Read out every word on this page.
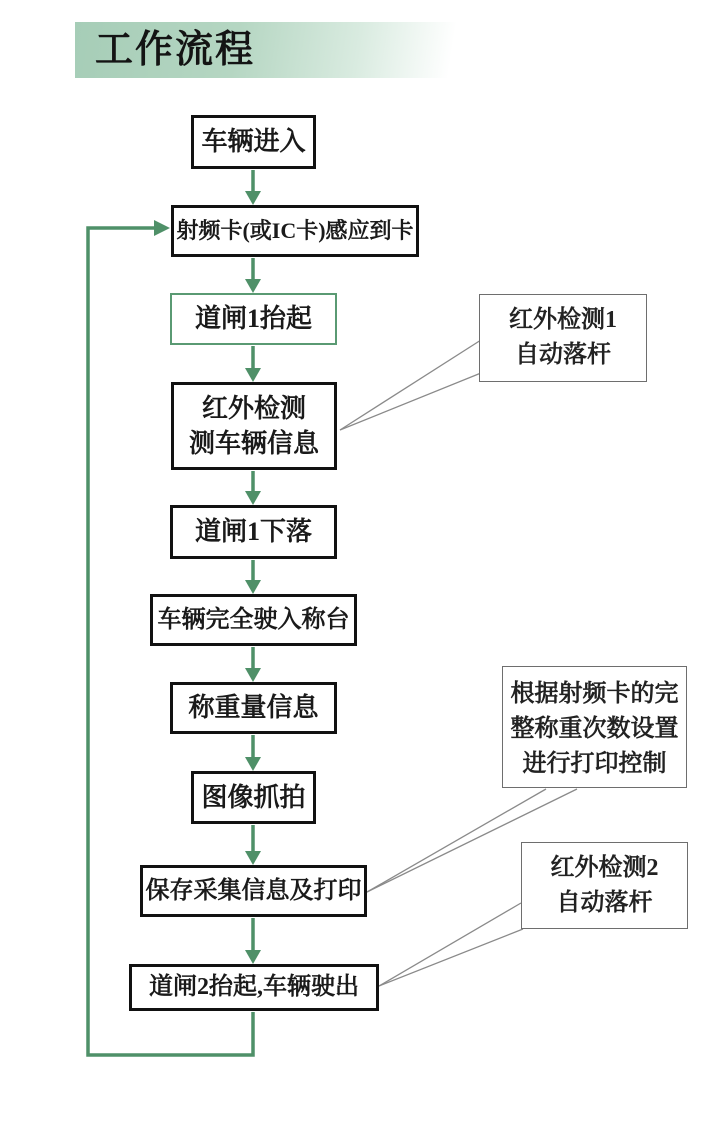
工作流程
车辆进入
射频卡(或IC卡)感应到卡
道闸1抬起
红外检测
测车辆信息
道闸1下落
车辆完全驶入称台
称重量信息
图像抓拍
保存采集信息及打印
道闸2抬起,车辆驶出
红外检测1
自动落杆
根据射频卡的完
整称重次数设置
进行打印控制
红外检测2
自动落杆
